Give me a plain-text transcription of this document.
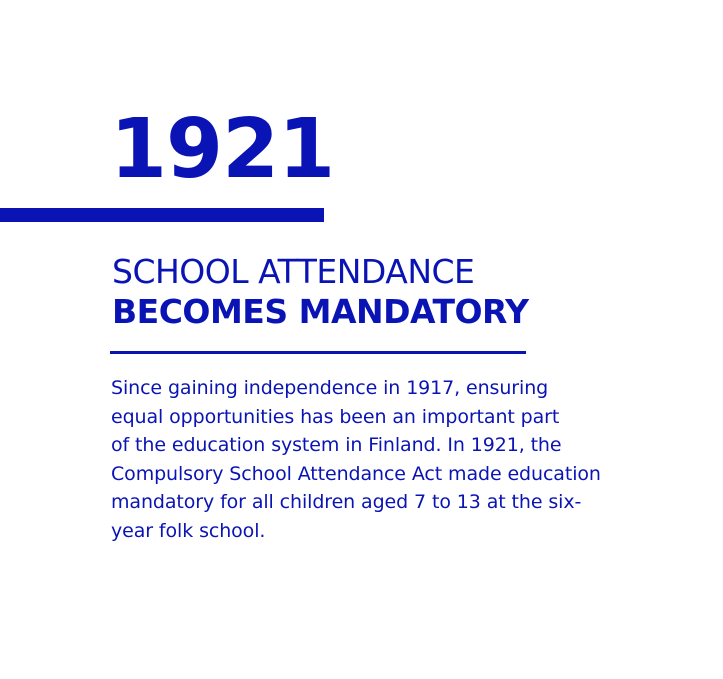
1921
SCHOOL ATTENDANCE
BECOMES MANDATORY

Since gaining independence in 1917, ensuring
equal opportunities has been an important part
of the education system in Finland. In 1921, the
Compulsory School Attendance Act made education
mandatory for all children aged 7 to 13 at the six-
year folk school.
